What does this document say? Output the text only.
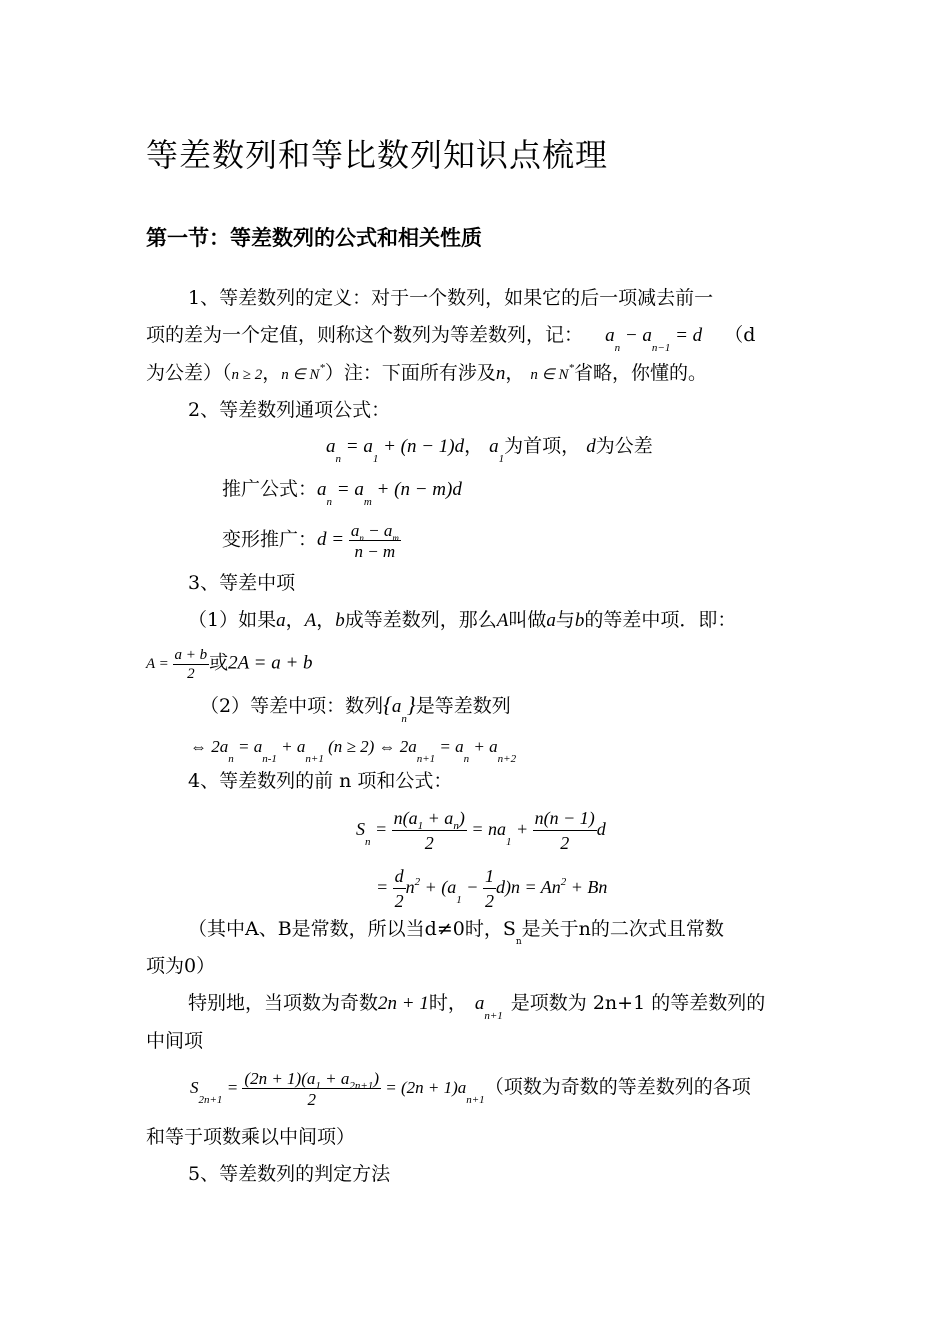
等差数列和等比数列知识点梳理
第一节：等差数列的公式和相关性质
1、等差数列的定义：对于一个数列，如果它的后一项减去前一
项的差为一个定值，则称这个数列为等差数列，记： $a_n - a_{n-1} = d$ （d
为公差）（n ≥ 2，n ∈ N*）注：下面所有涉及n， n ∈ N*省略，你懂的。
2、等差数列通项公式：
$a_n = a_1 + (n - 1)d$， $a_1$为首项， d为公差
推广公式：$a_n = a_m + (n - m)d$
变形推广：$d = \frac{a_n - a_m}{n - m}$
3、等差中项
（1）如果a，A，b成等差数列，那么A叫做a与b的等差中项．即：
$A = \frac{a + b}{2}$ 或2A = a + b
（2）等差中项：数列$\{a_n\}$是等差数列
⇔ $2a_n = a_{n-1} + a_{n+1}$ (n ≥ 2) ⇔ $2a_{n+1} = a_n + a_{n+2}$
4、等差数列的前 n 项和公式：
$S_n = \frac{n(a_1 + a_n)}{2} = na_1 + \frac{n(n - 1)}{2}$ d
= $\frac{d}{2} n^2 + (a_1 - \frac{1}{2} d)n = An^2 + Bn$
（其中A、B是常数，所以当d≠0时，$S_n$是关于n的二次式且常数
项为0）
特别地，当项数为奇数2n + 1时， $a_{n+1}$是项数为 2n+1 的等差数列的
中间项
$S_{2n+1} = \frac{(2n + 1)(a_1 + a_{2n+1})}{2} = (2n + 1)a_{n+1}$（项数为奇数的等差数列的各项
和等于项数乘以中间项）
5、等差数列的判定方法
